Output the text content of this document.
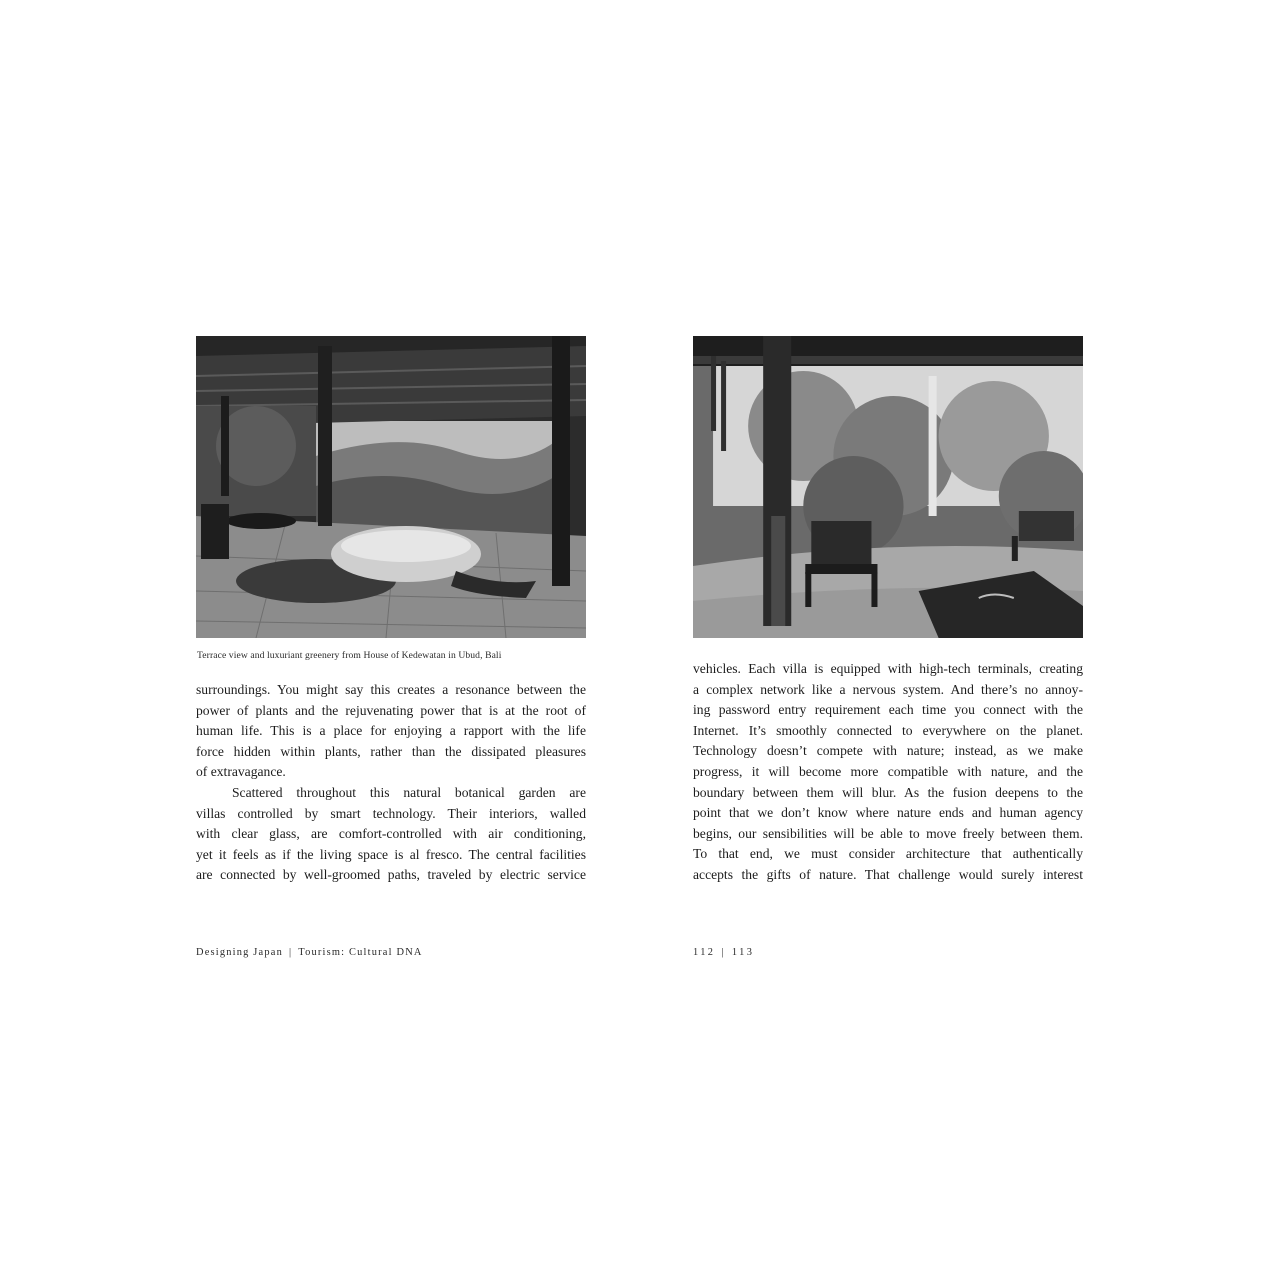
Terrace view and luxuriant greenery from House of Kedewatan in Ubud, Bali
surroundings. You might say this creates a resonance between the
power of plants and the rejuvenating power that is at the root of
human life. This is a place for enjoying a rapport with the life
force hidden within plants, rather than the dissipated pleasures
of extravagance.
Scattered throughout this natural botanical garden are
villas controlled by smart technology. Their interiors, walled
with clear glass, are comfort-controlled with air conditioning,
yet it feels as if the living space is al fresco. The central facilities
are connected by well-groomed paths, traveled by electric service
vehicles. Each villa is equipped with high-tech terminals, creating
a complex network like a nervous system. And there’s no annoy-
ing password entry requirement each time you connect with the
Internet. It’s smoothly connected to everywhere on the planet.
Technology doesn’t compete with nature; instead, as we make
progress, it will become more compatible with nature, and the
boundary between them will blur. As the fusion deepens to the
point that we don’t know where nature ends and human agency
begins, our sensibilities will be able to move freely between them.
To that end, we must consider architecture that authentically
accepts the gifts of nature. That challenge would surely interest
Designing Japan | Tourism: Cultural DNA	112 | 113
